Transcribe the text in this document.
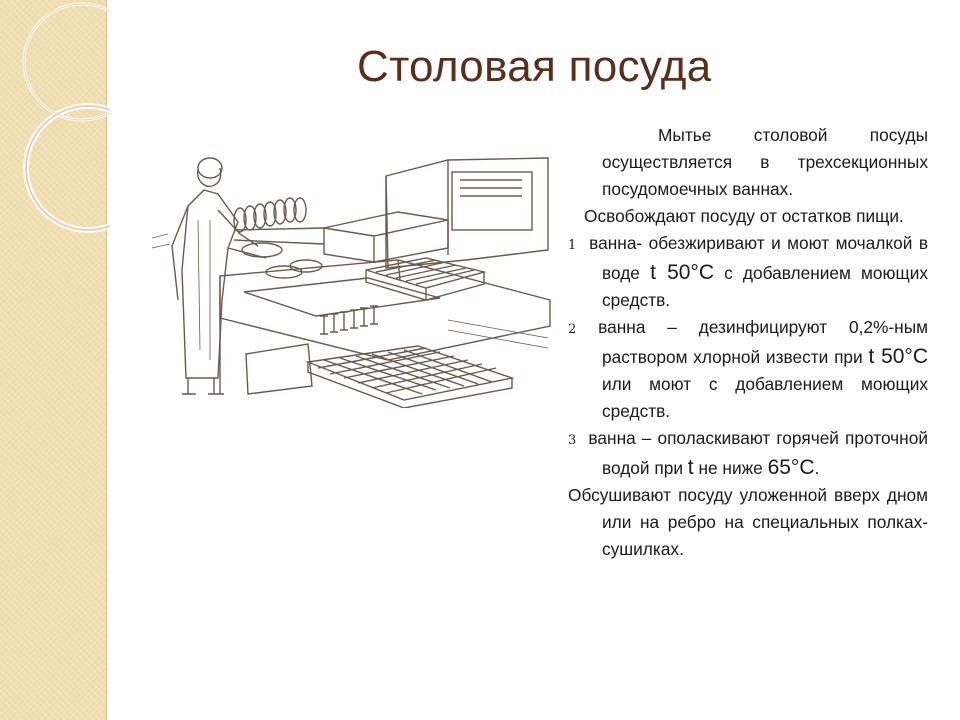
Столовая посуда

Мытье столовой посуды осуществляется в трехсекционных посудомоечных ваннах.

Освобождают посуду от остатков пищи.

1 ванна- обезжиривают и моют мочалкой в воде t 50°C с добавлением моющих средств.

2 ванна – дезинфицируют 0,2%-ным раствором хлорной извести при t 50°C или моют с добавлением моющих средств.

3 ванна – ополаскивают горячей проточной водой при t не ниже 65°C.

Обсушивают посуду уложенной вверх дном или на ребро на специальных полках-сушилках.
